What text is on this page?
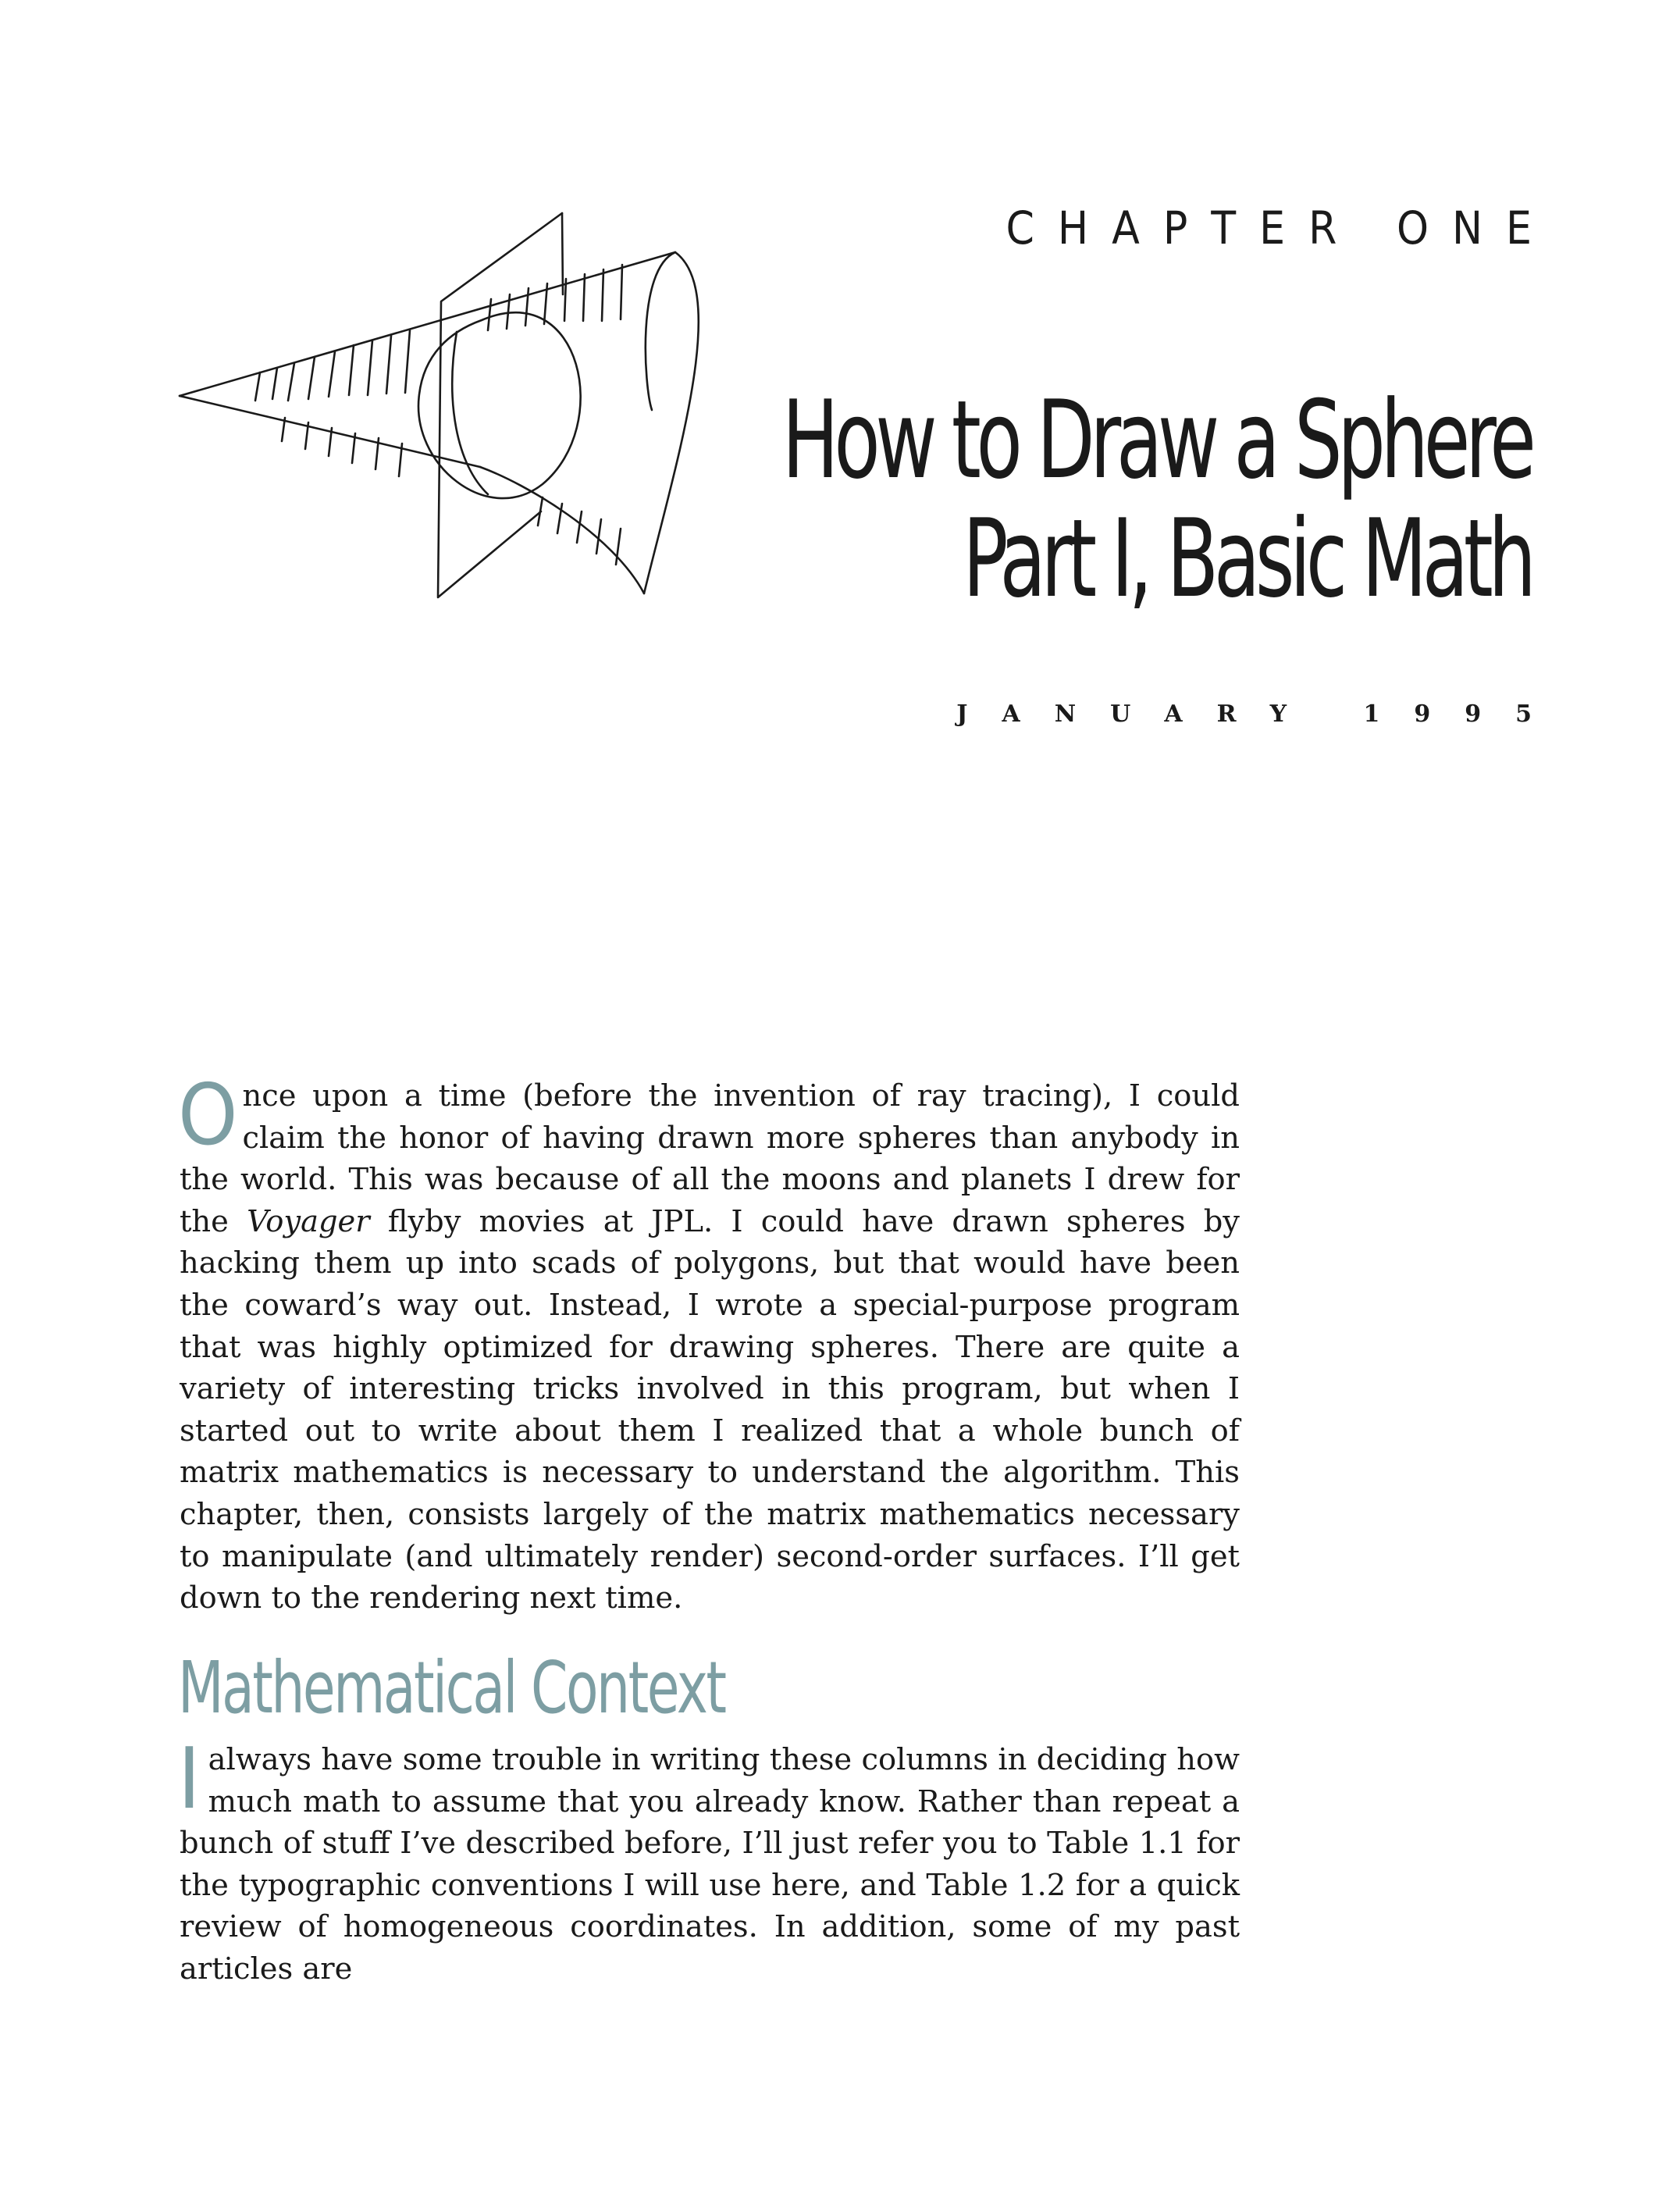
CHAPTER ONE
How to Draw a Sphere
Part I, Basic Math
JANUARY 1995

Once upon a time (before the invention of ray tracing), I could claim the honor of having drawn more spheres than anybody in the world. This was because of all the moons and planets I drew for the Voyager flyby movies at JPL. I could have drawn spheres by hacking them up into scads of polygons, but that would have been the coward’s way out. Instead, I wrote a special-purpose program that was highly optimized for drawing spheres. There are quite a variety of interesting tricks involved in this program, but when I started out to write about them I realized that a whole bunch of matrix mathematics is necessary to understand the algorithm. This chapter, then, consists largely of the matrix mathematics necessary to manipulate (and ultimately render) second-order surfaces. I’ll get down to the rendering next time.

Mathematical Context

I always have some trouble in writing these columns in deciding how much math to assume that you already know. Rather than repeat a bunch of stuff I’ve described before, I’ll just refer you to Table 1.1 for the typographic conventions I will use here, and Table 1.2 for a quick review of homogeneous coordinates. In addition, some of my past articles are
